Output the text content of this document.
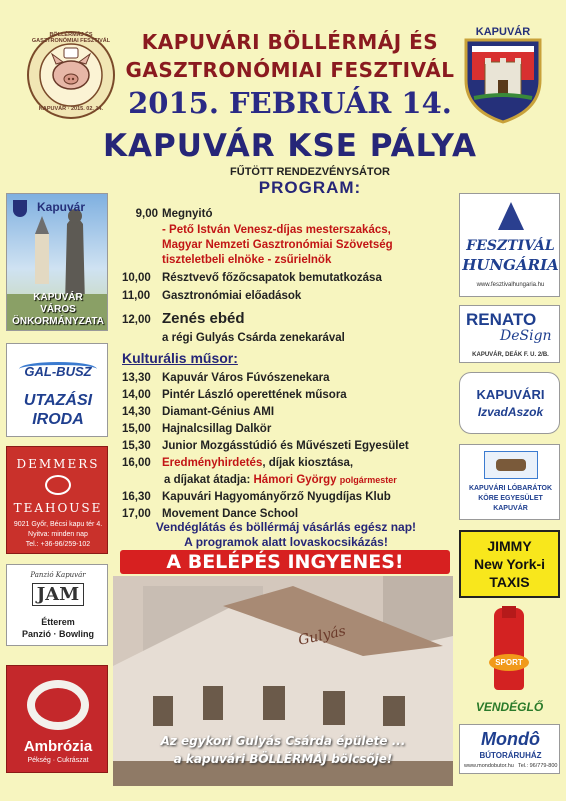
BÖLLÉRMÁJ ÉS GASZTRONÓMIAI FESZTIVÁL
KAPUVÁR · 2015. 02. 14.
KAPUVÁR
KAPUVÁRI BÖLLÉRMÁJ ÉS
GASZTRONÓMIAI FESZTIVÁL
2015. FEBRUÁR 14.
KAPUVÁR KSE PÁLYA
FŰTÖTT RENDEZVÉNYSÁTOR
PROGRAM:
9,00 Megnyitó
- Pető István Venesz-díjas mesterszakács,
Magyar Nemzeti Gasztronómiai Szövetség
tiszteletbeli elnöke - zsűrielnök
10,00 Résztvevő főzőcsapatok bemutatkozása
11,00 Gasztronómiai előadások
12,00 Zenés ebéd
a régi Gulyás Csárda zenekarával
Kulturális műsor:
13,30 Kapuvár Város Fúvószenekara
14,00 Pintér László operettének műsora
14,30 Diamant-Génius AMI
15,00 Hajnalcsillag Dalkör
15,30 Junior Mozgásstúdió és Művészeti Egyesület
16,00 Eredményhirdetés, díjak kiosztása,
a díjakat átadja: Hámori György polgármester
16,30 Kapuvári Hagyományőrző Nyugdíjas Klub
17,00 Movement Dance School
Vendéglátás és böllérmáj vásárlás egész nap!
A programok alatt lovaskocsikázás!
A BELÉPÉS INGYENES!
Gulyás
Az egykori Gulyás Csárda épülete ...
a kapuvári BÖLLÉRMÁJ bölcsője!
Kapuvár
KAPUVÁR
VÁROS
ÖNKORMÁNYZATA
GAL-BUSZ
UTAZÁSI
IRODA
DEMMERS
TEAHOUSE
9021 Győr, Bécsi kapu tér 4.
Nyitva: minden nap
Tel.: +36-96/259-102
Panzió Kapuvár
JAM
Étterem
Panzió · Bowling
Ambrózia
Pékség · Cukrászat
FESZTIVÁL
HUNGÁRIA
www.fesztivalhungaria.hu
RENATO
DeSign
KAPUVÁR, DEÁK F. U. 2/B.
KAPUVÁRI
IzvadAszok
KAPUVÁRI LÓBARÁTOK
KÖRE EGYESÜLET
KAPUVÁR
JIMMY
New York-i
TAXIS
SPORT
VENDÉGLŐ
Mondô
BÚTORÁRUHÁZ
www.mondobutor.hu Tel.: 96/779-800
